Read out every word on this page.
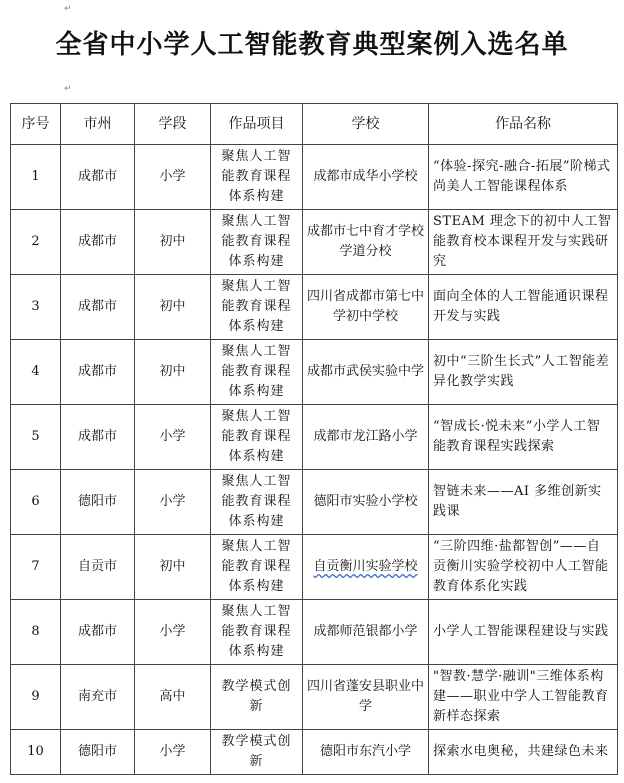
↵
全省中小学人工智能教育典型案例入选名单
↵
序号	市州	学段	作品项目	学校	作品名称
1	成都市	小学	聚焦人工智能教育课程体系构建	成都市成华小学校	“体验-探究-融合-拓展”阶梯式尚美人工智能课程体系
2	成都市	初中	聚焦人工智能教育课程体系构建	成都市七中育才学校学道分校	STEAM 理念下的初中人工智能教育校本课程开发与实践研究
3	成都市	初中	聚焦人工智能教育课程体系构建	四川省成都市第七中学初中学校	面向全体的人工智能通识课程开发与实践
4	成都市	初中	聚焦人工智能教育课程体系构建	成都市武侯实验中学	初中“三阶生长式”人工智能差异化教学实践
5	成都市	小学	聚焦人工智能教育课程体系构建	成都市龙江路小学	“智成长·悦未来”小学人工智能教育课程实践探索
6	德阳市	小学	聚焦人工智能教育课程体系构建	德阳市实验小学校	智链未来——AI 多维创新实践课
7	自贡市	初中	聚焦人工智能教育课程体系构建	自贡衡川实验学校	“三阶四维·盐都智创”——自贡衡川实验学校初中人工智能教育体系化实践
8	成都市	小学	聚焦人工智能教育课程体系构建	成都师范银都小学	小学人工智能课程建设与实践
9	南充市	高中	教学模式创新	四川省蓬安县职业中学	"智教·慧学·融训"三维体系构建——职业中学人工智能教育新样态探索
10	德阳市	小学	教学模式创新	德阳市东汽小学	探索水电奥秘，共建绿色未来
